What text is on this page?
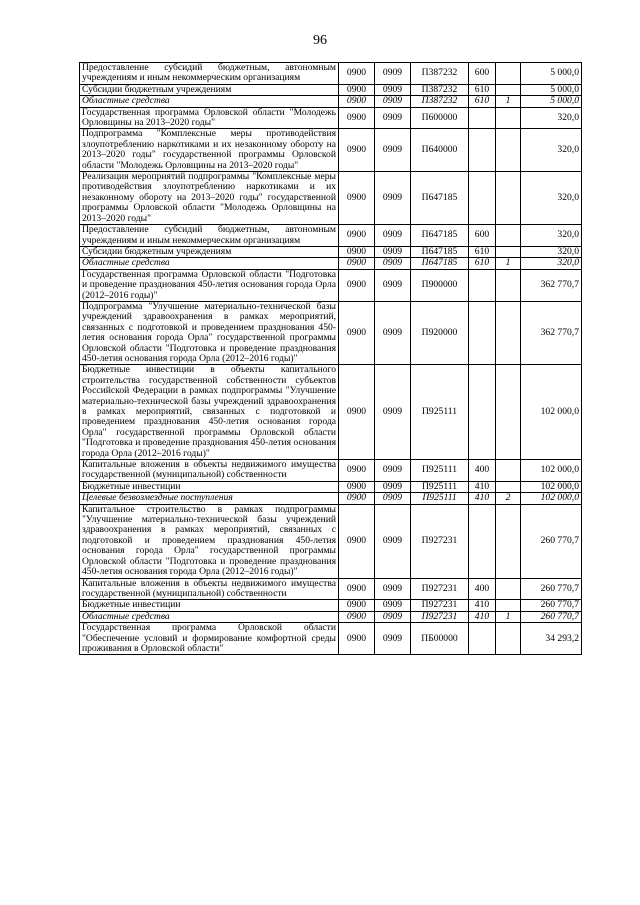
96
Предоставление субсидий бюджетным, автономным учреждениям и иным некоммерческим организациям	0900	0909	П387232	600		5 000,0
Субсидии бюджетным учреждениям	0900	0909	П387232	610		5 000,0
Областные средства	0900	0909	П387232	610	1	5 000,0
Государственная программа Орловской области "Молодежь Орловщины на 2013–2020 годы"	0900	0909	П600000			320,0
Подпрограмма "Комплексные меры противодействия злоупотреблению наркотиками и их незаконному обороту на 2013–2020 годы" государственной программы Орловской области "Молодежь Орловщины на 2013–2020 годы"	0900	0909	П640000			320,0
Реализация мероприятий подпрограммы "Комплексные меры противодействия злоупотреблению наркотиками и их незаконному обороту на 2013–2020 годы" государственной программы Орловской области "Молодежь Орловщины на 2013–2020 годы"	0900	0909	П647185			320,0
Предоставление субсидий бюджетным, автономным учреждениям и иным некоммерческим организациям	0900	0909	П647185	600		320,0
Субсидии бюджетным учреждениям	0900	0909	П647185	610		320,0
Областные средства	0900	0909	П647185	610	1	320,0
Государственная программа Орловской области "Подготовка и проведение празднования 450-летия основания города Орла (2012–2016 годы)"	0900	0909	П900000			362 770,7
Подпрограмма "Улучшение материально-технической базы учреждений здравоохранения в рамках мероприятий, связанных с подготовкой и проведением празднования 450-летия основания города Орла" государственной программы Орловской области "Подготовка и проведение празднования 450-летия основания города Орла (2012–2016 годы)"	0900	0909	П920000			362 770,7
Бюджетные инвестиции в объекты капитального строительства государственной собственности субъектов Российской Федерации в рамках подпрограммы "Улучшение материально-технической базы учреждений здравоохранения в рамках мероприятий, связанных с подготовкой и проведением празднования 450-летия основания города Орла" государственной программы Орловской области "Подготовка и проведение празднования 450-летия основания города Орла (2012–2016 годы)"	0900	0909	П925111			102 000,0
Капитальные вложения в объекты недвижимого имущества государственной (муниципальной) собственности	0900	0909	П925111	400		102 000,0
Бюджетные инвестиции	0900	0909	П925111	410		102 000,0
Целевые безвозмездные поступления	0900	0909	П925111	410	2	102 000,0
Капитальное строительство в рамках подпрограммы "Улучшение материально-технической базы учреждений здравоохранения в рамках мероприятий, связанных с подготовкой и проведением празднования 450-летия основания города Орла" государственной программы Орловской области "Подготовка и проведение празднования 450-летия основания города Орла (2012–2016 годы)"	0900	0909	П927231			260 770,7
Капитальные вложения в объекты недвижимого имущества государственной (муниципальной) собственности	0900	0909	П927231	400		260 770,7
Бюджетные инвестиции	0900	0909	П927231	410		260 770,7
Областные средства	0900	0909	П927231	410	1	260 770,7
Государственная программа Орловской области "Обеспечение условий и формирование комфортной среды проживания в Орловской области"	0900	0909	ПБ00000			34 293,2
